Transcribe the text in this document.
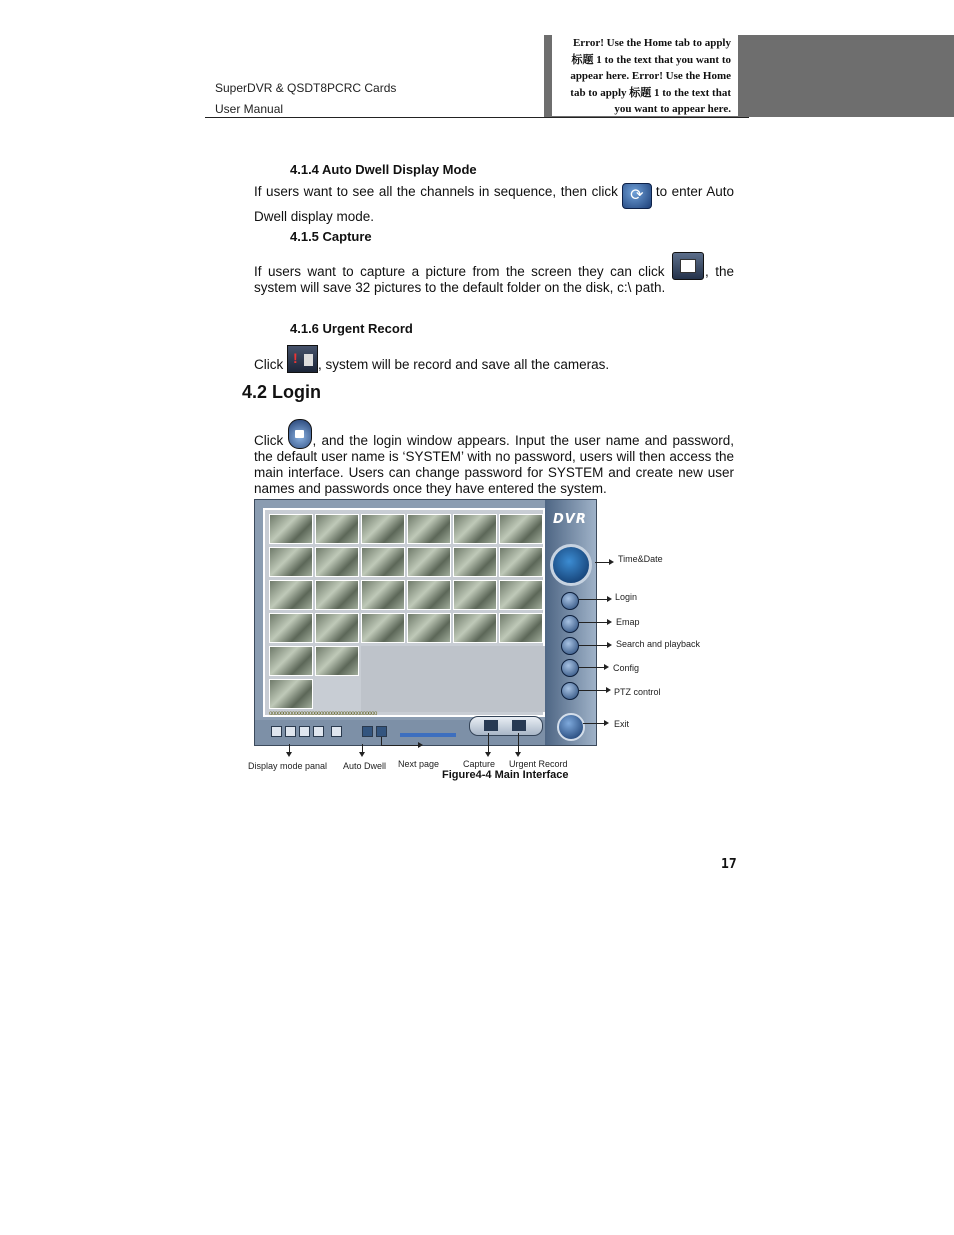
Error! Use the Home tab to apply
标题 1 to the text that you want to
appear here. Error! Use the Home
tab to apply 标题 1 to the text that
you want to appear here.
SuperDVR & QSDT8PCRC Cards
User Manual
4.1.4 Auto Dwell Display Mode
If users want to see all the channels in sequence, then click ⟳ to enter Auto Dwell display mode.
4.1.5 Capture
If users want to capture a picture from the screen they can click	, the system will save 32 pictures to the default folder on the disk, c:\ path.
4.1.6 Urgent Record
Click !	, system will be record and save all the cameras.
4.2 Login
Click , and the login window appears. Input the user name and password, the default user name is ‘SYSTEM’ with no password, users will then access the main interface. Users can change password for SYSTEM and create new user names and passwords once they have entered the system.
oooooooooooooooooooooooooooooooooooooo
DVR
Time&Date
Login
Emap
Search and playback
Config
PTZ control
Exit
Display mode panal Auto Dwell Next page	Capture Urgent Record
Figure4-4 Main Interface
17
